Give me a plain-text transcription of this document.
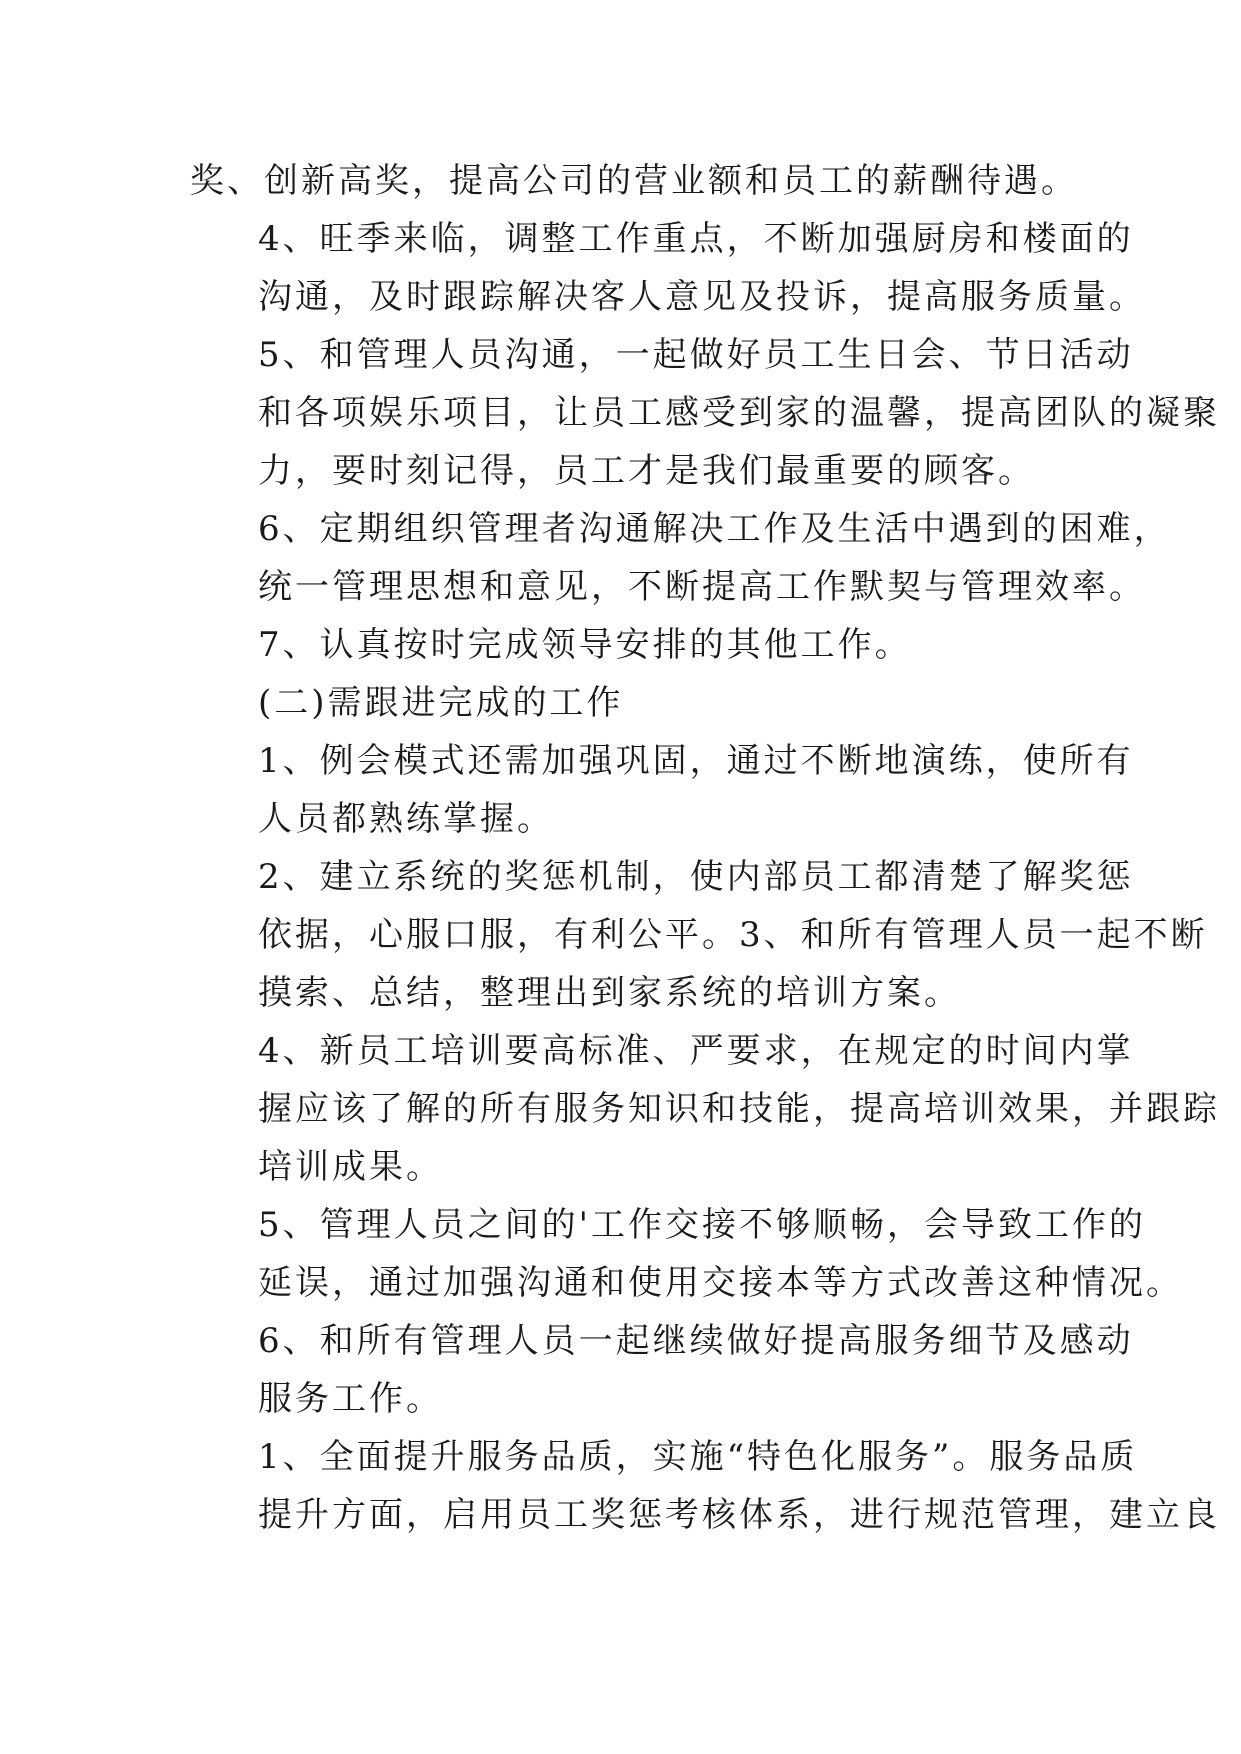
奖、创新高奖，提高公司的营业额和员工的薪酬待遇。
4、旺季来临，调整工作重点，不断加强厨房和楼面的
沟通，及时跟踪解决客人意见及投诉，提高服务质量。
5、和管理人员沟通，一起做好员工生日会、节日活动
和各项娱乐项目，让员工感受到家的温馨，提高团队的凝聚
力，要时刻记得，员工才是我们最重要的顾客。
6、定期组织管理者沟通解决工作及生活中遇到的困难，
统一管理思想和意见，不断提高工作默契与管理效率。
7、认真按时完成领导安排的其他工作。
(二)需跟进完成的工作
1、例会模式还需加强巩固，通过不断地演练，使所有
人员都熟练掌握。
2、建立系统的奖惩机制，使内部员工都清楚了解奖惩
依据，心服口服，有利公平。3、和所有管理人员一起不断
摸索、总结，整理出到家系统的培训方案。
4、新员工培训要高标准、严要求，在规定的时间内掌
握应该了解的所有服务知识和技能，提高培训效果，并跟踪
培训成果。
5、管理人员之间的'工作交接不够顺畅，会导致工作的
延误，通过加强沟通和使用交接本等方式改善这种情况。
6、和所有管理人员一起继续做好提高服务细节及感动
服务工作。
1、全面提升服务品质，实施“特色化服务”。服务品质
提升方面，启用员工奖惩考核体系，进行规范管理，建立良
